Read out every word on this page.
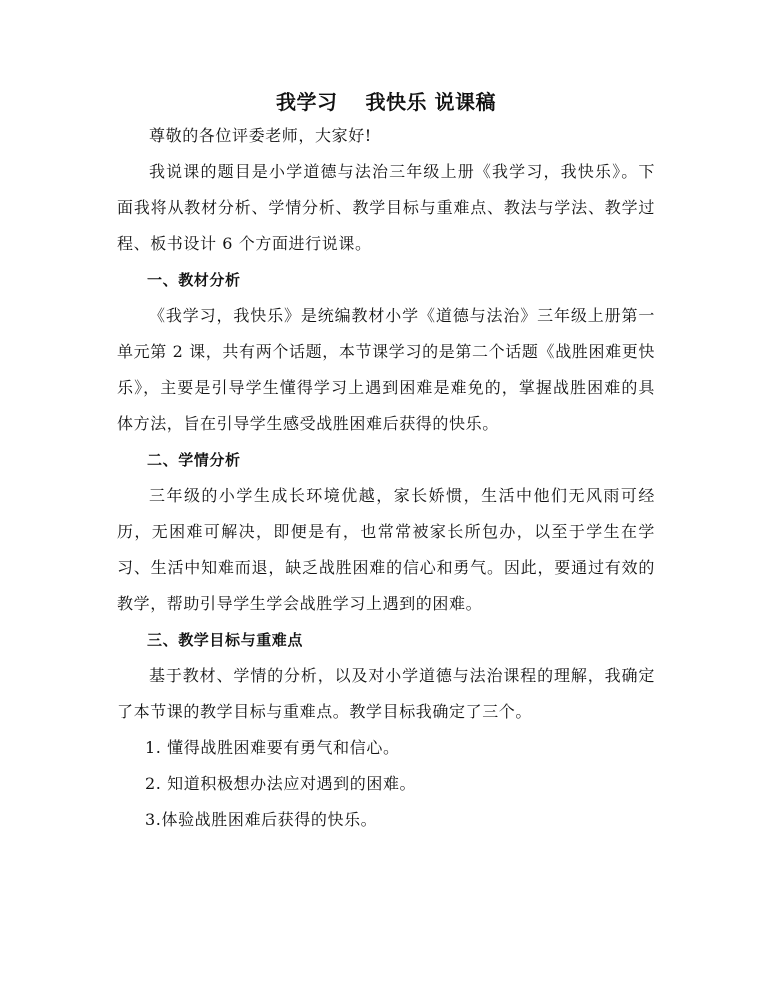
我学习　 我快乐 说课稿

尊敬的各位评委老师，大家好!

我说课的题目是小学道德与法治三年级上册《我学习，我快乐》。下面我将从教材分析、学情分析、教学目标与重难点、教法与学法、教学过程、板书设计 6 个方面进行说课。

一、教材分析

《我学习，我快乐》是统编教材小学《道德与法治》三年级上册第一单元第 2 课，共有两个话题，本节课学习的是第二个话题《战胜困难更快乐》，主要是引导学生懂得学习上遇到困难是难免的，掌握战胜困难的具体方法，旨在引导学生感受战胜困难后获得的快乐。

二、学情分析

三年级的小学生成长环境优越，家长娇惯，生活中他们无风雨可经历，无困难可解决，即便是有，也常常被家长所包办，以至于学生在学习、生活中知难而退，缺乏战胜困难的信心和勇气。因此，要通过有效的教学，帮助引导学生学会战胜学习上遇到的困难。

三、教学目标与重难点

基于教材、学情的分析，以及对小学道德与法治课程的理解，我确定了本节课的教学目标与重难点。教学目标我确定了三个。

1. 懂得战胜困难要有勇气和信心。

2. 知道积极想办法应对遇到的困难。

3.体验战胜困难后获得的快乐。
